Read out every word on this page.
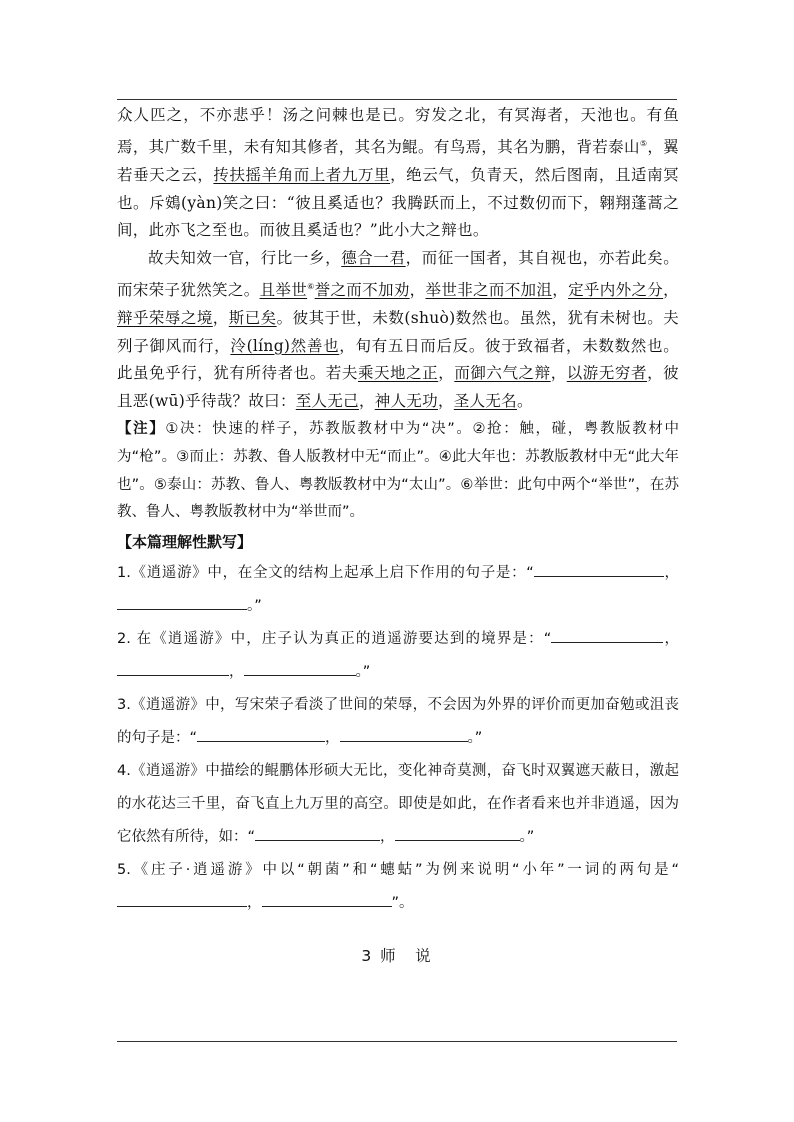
众人匹之，不亦悲乎！汤之问棘也是已。穷发之北，有冥海者，天池也。有鱼焉，其广数千里，未有知其修者，其名为鲲。有鸟焉，其名为鹏，背若泰山⑤，翼若垂天之云，抟扶摇羊角而上者九万里，绝云气，负青天，然后图南，且适南冥也。斥鴳(yàn)笑之曰：“彼且奚适也？我腾跃而上，不过数仞而下，翱翔蓬蒿之间，此亦飞之至也。而彼且奚适也？”此小大之辩也。

故夫知效一官，行比一乡，德合一君，而征一国者，其自视也，亦若此矣。而宋荣子犹然笑之。且举世⑥誉之而不加劝，举世非之而不加沮，定乎内外之分，辩乎荣辱之境，斯已矣。彼其于世，未数(shuò)数然也。虽然，犹有未树也。夫列子御风而行，泠(líng)然善也，旬有五日而后反。彼于致福者，未数数然也。此虽免乎行，犹有所待者也。若夫乘天地之正，而御六气之辩，以游无穷者，彼且恶(wū)乎待哉？故曰：至人无己，神人无功，圣人无名。

【注】①决：快速的样子，苏教版教材中为“决”。②抢：触，碰，粤教版教材中为“枪”。③而止：苏教、鲁人版教材中无“而止”。④此大年也：苏教版教材中无“此大年也”。⑤泰山：苏教、鲁人、粤教版教材中为“太山”。⑥举世：此句中两个“举世”，在苏教、鲁人、粤教版教材中为“举世而”。

【本篇理解性默写】

1.《逍遥游》中，在全文的结构上起承上启下作用的句子是：“	，。”

2. 在《逍遥游》中，庄子认为真正的逍遥游要达到的境界是：“	，，	。”

3.《逍遥游》中，写宋荣子看淡了世间的荣辱，不会因为外界的评价而更加奋勉或沮丧的句子是：“	，	。”

4.《逍遥游》中描绘的鲲鹏体形硕大无比，变化神奇莫测，奋飞时双翼遮天蔽日，激起的水花达三千里，奋飞直上九万里的高空。即使是如此，在作者看来也并非逍遥，因为它依然有所待，如：“	，	。”

5.《庄子·逍遥游》中以“朝菌”和“蟪蛄”为例来说明“小年”一词的两句是“，	”。

3 师　说
